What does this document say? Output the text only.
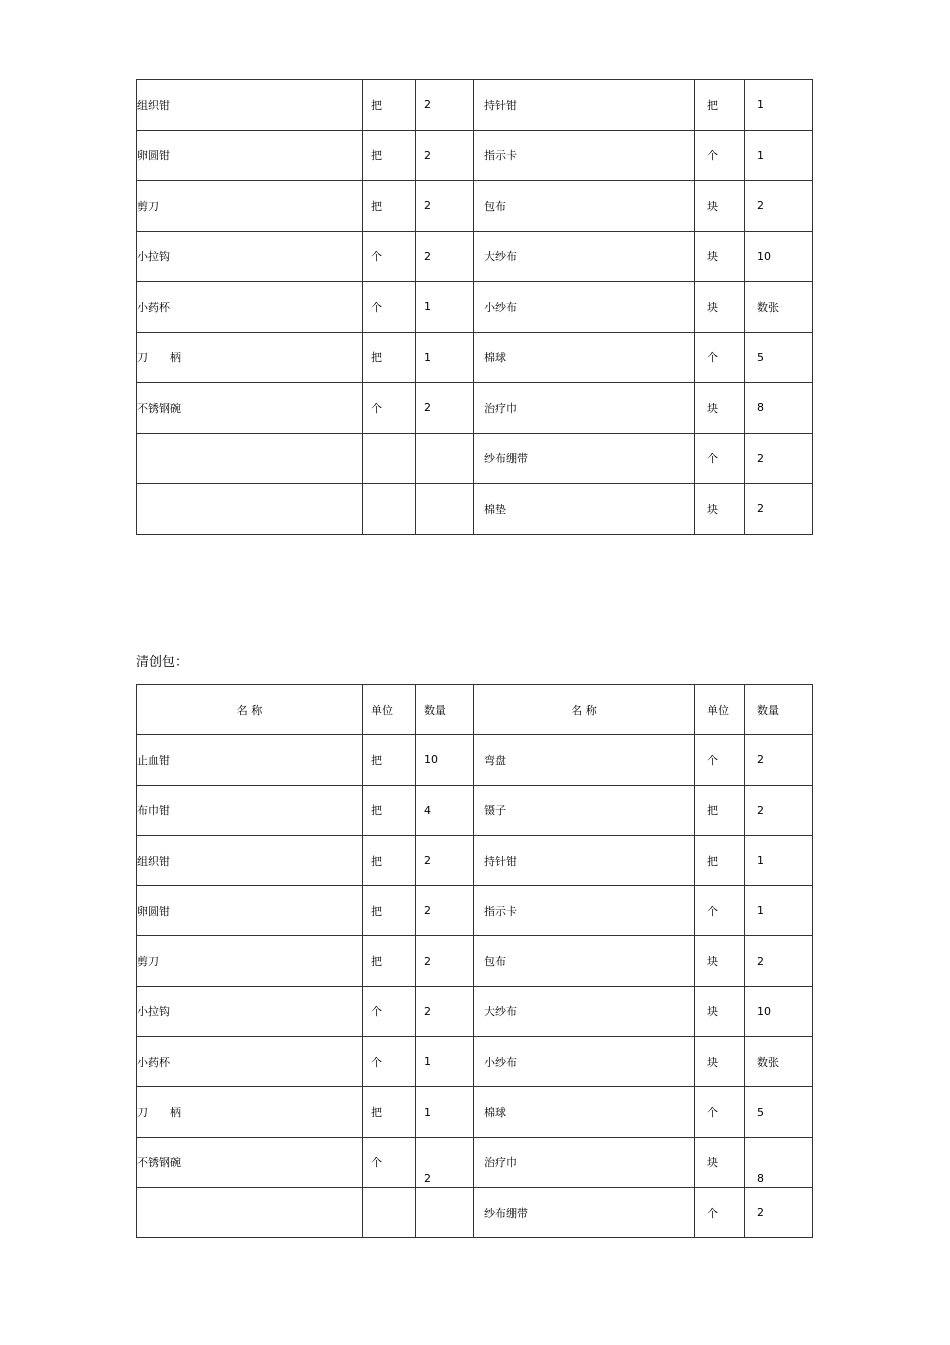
组织钳	把	2	持针钳	把	1
卵圆钳	把	2	指示卡	个	1
剪刀	把	2	包布	块	2
小拉钩	个	2	大纱布	块	10
小药杯	个	1	小纱布	块	数张
刀　　柄	把	1	棉球	个	5
不锈钢碗	个	2	治疗巾	块	8
			纱布绷带	个	2
			棉垫	块	2
清创包：
名 称	单位	数量	名 称	单位	数量
止血钳	把	10	弯盘	个	2
布巾钳	把	4	镊子	把	2
组织钳	把	2	持针钳	把	1
卵圆钳	把	2	指示卡	个	1
剪刀	把	2	包布	块	2
小拉钩	个	2	大纱布	块	10
小药杯	个	1	小纱布	块	数张
刀　　柄	把	1	棉球	个	5
不锈钢碗	个	2	治疗巾	块	8
			纱布绷带	个	2
